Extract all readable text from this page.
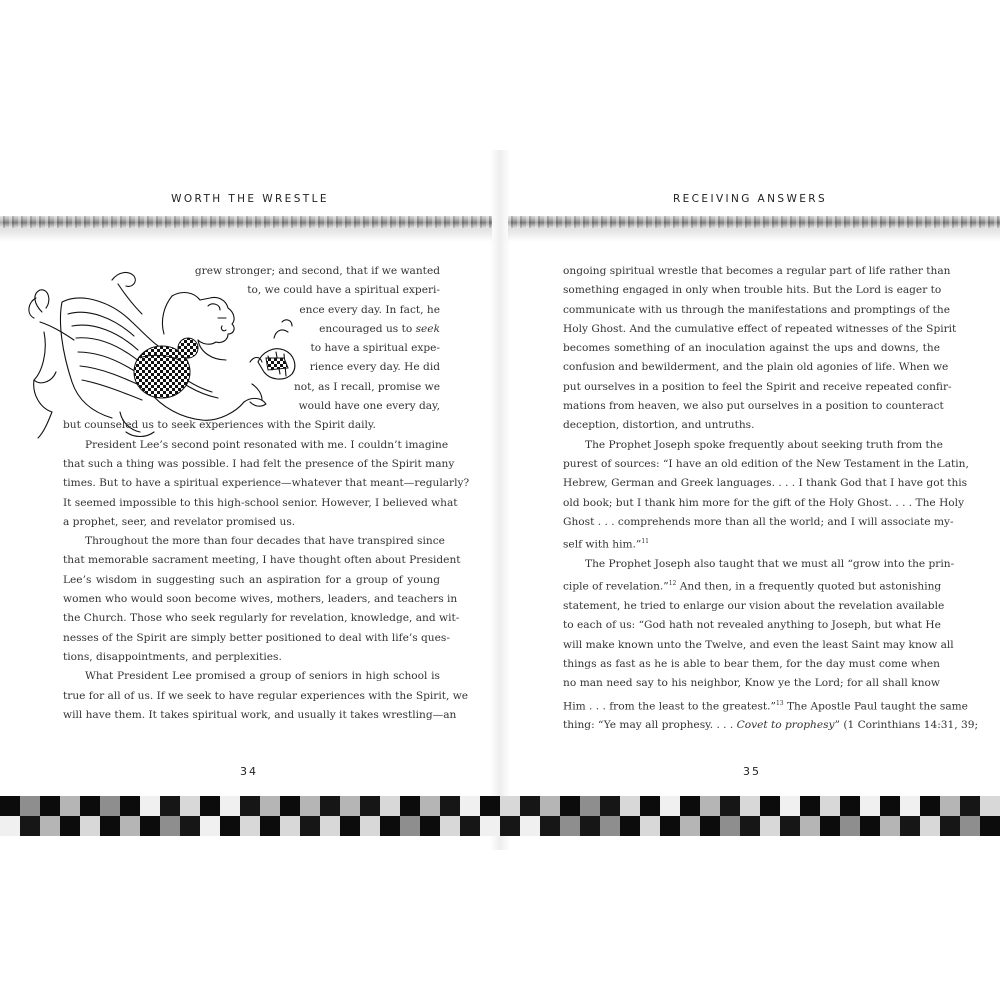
WORTH THE WRESTLE	RECEIVING ANSWERS

grew stronger; and second, that if we wanted

to, we could have a spiritual experi-

ence every day. In fact, he

encouraged us to seek

to have a spiritual expe-

rience every day. He did

not, as I recall, promise we

would have one every day,

but counseled us to seek experiences with the Spirit daily.

President Lee’s second point resonated with me. I couldn’t imagine

that such a thing was possible. I had felt the presence of the Spirit many

times. But to have a spiritual experience—whatever that meant—regularly?

It seemed impossible to this high-school senior. However, I believed what

a prophet, seer, and revelator promised us.

Throughout the more than four decades that have transpired since

that memorable sacrament meeting, I have thought often about President

Lee’s wisdom in suggesting such an aspiration for a group of young

women who would soon become wives, mothers, leaders, and teachers in

the Church. Those who seek regularly for revelation, knowledge, and wit-

nesses of the Spirit are simply better positioned to deal with life’s ques-

tions, disappointments, and perplexities.

What President Lee promised a group of seniors in high school is

true for all of us. If we seek to have regular experiences with the Spirit, we

will have them. It takes spiritual work, and usually it takes wrestling—an

ongoing spiritual wrestle that becomes a regular part of life rather than

something engaged in only when trouble hits. But the Lord is eager to

communicate with us through the manifestations and promptings of the

Holy Ghost. And the cumulative effect of repeated witnesses of the Spirit

becomes something of an inoculation against the ups and downs, the

confusion and bewilderment, and the plain old agonies of life. When we

put ourselves in a position to feel the Spirit and receive repeated confir-

mations from heaven, we also put ourselves in a position to counteract

deception, distortion, and untruths.

The Prophet Joseph spoke frequently about seeking truth from the

purest of sources: “I have an old edition of the New Testament in the Latin,

Hebrew, German and Greek languages. . . . I thank God that I have got this

old book; but I thank him more for the gift of the Holy Ghost. . . . The Holy

Ghost . . . comprehends more than all the world; and I will associate my-

self with him.”$^{11}$

The Prophet Joseph also taught that we must all “grow into the prin-

ciple of revelation.”$^{12}$ And then, in a frequently quoted but astonishing

statement, he tried to enlarge our vision about the revelation available

to each of us: “God hath not revealed anything to Joseph, but what He

will make known unto the Twelve, and even the least Saint may know all

things as fast as he is able to bear them, for the day must come when

no man need say to his neighbor, Know ye the Lord; for all shall know

Him . . . from the least to the greatest.”$^{13}$ The Apostle Paul taught the same

thing: “Ye may all prophesy. . . . Covet to prophesy” (1 Corinthians 14:31, 39;

34	35
